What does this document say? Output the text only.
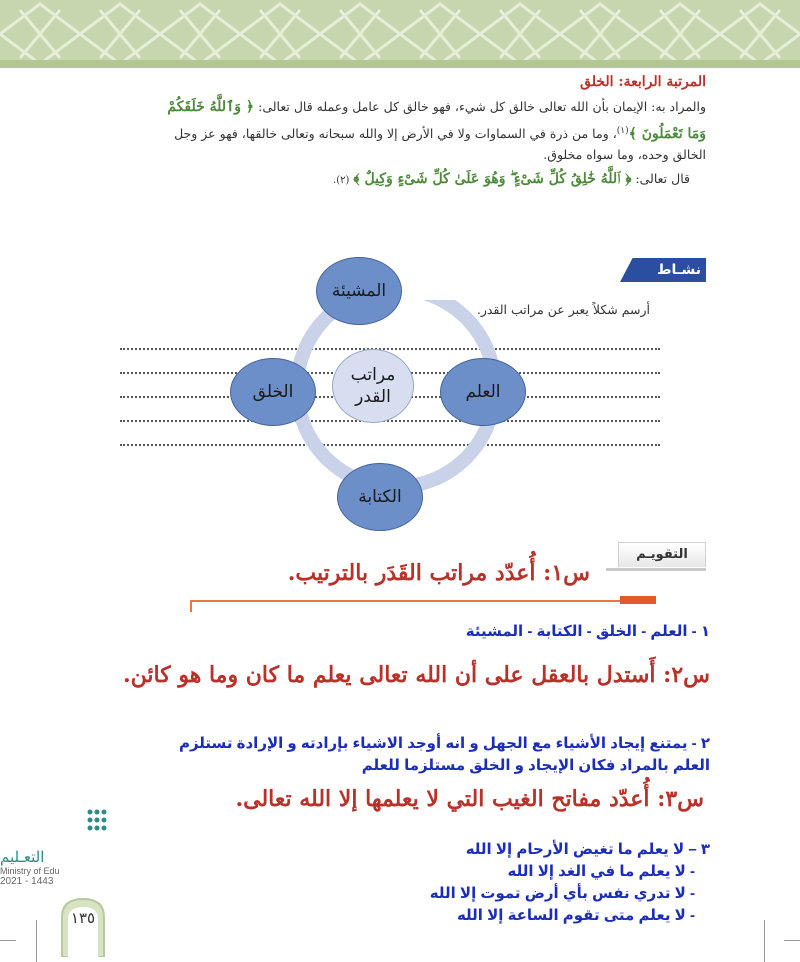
المرتبة الرابعة: الخلق
والمراد به: الإيمان بأن الله تعالى خالق كل شيء، فهو خالق كل عامل وعمله قال تعالى: ﴿ وَٱللَّهُ خَلَقَكُمْ
وَمَا تَعْمَلُونَ ﴾$^{(١)}$، وما من ذرة في السماوات ولا في الأرض إلا والله سبحانه وتعالى خالقها، فهو عز وجل
الخالق وحده، وما سواه مخلوق.
قال تعالى: ﴿ ٱللَّهُ خَٰلِقُ كُلِّ شَىْءٍ ۖ وَهُوَ عَلَىٰ كُلِّ شَىْءٍ وَكِيلٌ ﴾ (٢).
نشـاط
أرسم شكلاً يعبر عن مراتب القدر.
المشيئة
مراتب القدر	العلم
الخلق
الكتابة
التقويـم
س١: أُعدّد مراتب القَدَر بالترتيب.
١ - العلم - الخلق - الكتابة - المشيئة
س٢: أَستدل بالعقل على أن الله تعالى يعلم ما كان وما هو كائن.
٢ - يمتنع إيجاد الأشياء مع الجهل و انه أوجد الاشياء بإرادته و الإرادة تستلزم
العلم بالمراد فكان الإيجاد و الخلق مستلزما للعلم
س٣: أُعدّد مفاتح الغيب التي لا يعلمها إلا الله تعالى.
٣ – لا يعلم ما تغيض الأرحام إلا الله
- لا يعلم ما في الغد إلا الله
- لا تدري نفس بأي أرض تموت إلا الله
- لا يعلم متى تقوم الساعة إلا الله
التعـليم
Ministry of Edu
2021 - 1443
١٣٥
